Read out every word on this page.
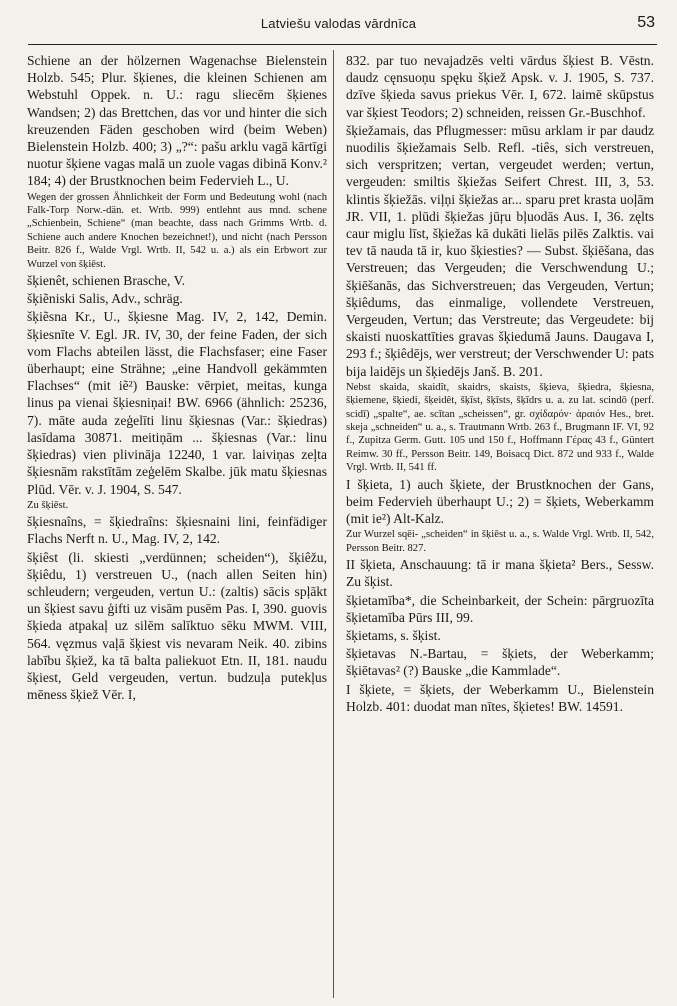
Latviešu valodas vārdnīca	53

Schiene an der hölzernen Wagenachse Bielenstein Holzb. 545; Plur. šķienes, die kleinen Schienen am Webstuhl Oppek. n. U.: ragu sliecēm šķienes Wandsen; 2) das Brettchen, das vor und hinter die sich kreuzenden Fäden geschoben wird (beim Weben) Bielenstein Holzb. 400; 3) „?“: pašu arklu vagā kārtīgi nuotur šķiene vagas malā un zuole vagas dibinā Konv.² 184; 4) der Brustknochen beim Federvieh L., U.

Wegen der grossen Ähnlichkeit der Form und Bedeutung wohl (nach Falk-Torp Norw.-dän. et. Wrtb. 999) entlehnt aus mnd. schene „Schienbein, Schiene“ (man beachte, dass nach Grimms Wrtb. d. Schiene auch andere Knochen bezeichnet!), und nicht (nach Persson Beitr. 826 f., Walde Vrgl. Wrtb. II, 542 u. a.) als ein Erbwort zur Wurzel von šķiēst.

šķienêt, schienen Brasche, V.

šķiẽniski Salis, Adv., schräg.

šķiẽsna Kr., U., šķiesne Mag. IV, 2, 142, Demin. šķiesnīte V. Egl. JR. IV, 30, der feine Faden, der sich vom Flachs abteilen lässt, die Flachsfaser; eine Faser überhaupt; eine Strähne; „eine Handvoll gekämmten Flachses“ (mit iẽ²) Bauske: vērpiet, meitas, kunga linus pa vienai šķiesniņai! BW. 6966 (ähnlich: 25236, 7). māte auda zeģelīti linu šķiesnas (Var.: šķiedras) lasīdama 30871. meitiņām ... šķiesnas (Var.: linu šķiedras) vien plivināja 12240, 1 var. laiviņas zeļta šķiesnām rakstītām zeģelēm Skalbe. jūk matu šķiesnas Plūd. Vēr. v. J. 1904, S. 547.

Zu šķiēst.

šķiesnaîns, = šķiedraîns: šķiesnaini lini, feinfädiger Flachs Nerft n. U., Mag. IV, 2, 142.

šķiêst (li. skiesti „verdünnen; scheiden“), šķiêžu, šķiêdu, 1) verstreuen U., (nach allen Seiten hin) schleudern; vergeuden, vertun U.: (zaltis) sācis spļākt un šķiest savu ģifti uz visām pusēm Pas. I, 390. guovis šķieda atpakaļ uz silēm salīktuo sēku MWM. VIII, 564. vęzmus vaļā šķiest vis nevaram Neik. 40. zibins labību šķiež, ka tā balta paliekuot Etn. II, 181. naudu šķiest, Geld vergeuden, vertun. budzuļa putekļus mēness šķiež Vēr. I,

832. par tuo nevajadzēs velti vārdus šķiest B. Vēstn. daudz cęnsuoņu spęku šķiež Apsk. v. J. 1905, S. 737. dzīve šķieda savus priekus Vēr. I, 672. laimē skūpstus var šķiest Teodors; 2) schneiden, reissen Gr.-Buschhof.

šķiežamais, das Pflugmesser: mūsu arklam ir par daudz nuodilis šķiežamais Selb. Refl. -tiês, sich verstreuen, sich verspritzen; vertan, vergeudet werden; vertun, vergeuden: smiltis šķiežas Seifert Chrest. III, 3, 53. klintis šķiežās. viļņi šķiežas ar... sparu pret krasta uoļām JR. VII, 1. plūdi šķiežas jūŗu bļuodās Aus. I, 36. zęlts caur miglu līst, šķiežas kā dukāti lielās pilēs Zalktis. vai tev tā nauda tā ir, kuo šķiesties? — Subst. šķiēšana, das Verstreuen; das Vergeuden; die Verschwendung U.; šķiēšanās, das Sichverstreuen; das Vergeuden, Vertun; šķiêdums, das einmalige, vollendete Verstreuen, Vergeuden, Vertun; das Verstreute; das Vergeudete: bij skaisti nuoskattīties gravas šķiedumā Jauns. Daugava I, 293 f.; šķiêdējs, wer verstreut; der Verschwender U: pats bija laidējs un šķiedējs Janš. B. 201.

Nebst skaida, skaidît, skaidrs, skaists, šķieva, šķiedra, šķiesna, šķiemene, šķiedi, šķeidêt, šķīst, šķīsts, šķīdrs u. a. zu lat. scindō (perf. scidī) „spalte“, ae. scītan „scheissen“, gr. σχίδαρόν· ἀραιόν Hes., bret. skeja „schneiden“ u. a., s. Trautmann Wrtb. 263 f., Brugmann IF. VI, 92 f., Zupitza Germ. Gutt. 105 und 150 f., Hoffmann Γέρας 43 f., Güntert Reimw. 30 ff., Persson Beitr. 149, Boisacq Dict. 872 und 933 f., Walde Vrgl. Wrtb. II, 541 ff.

I šķieta, 1) auch šķiete, der Brustknochen der Gans, beim Federvieh überhaupt U.; 2) = šķiets, Weberkamm (mit ie²) Alt-Kalz.

Zur Wurzel sqēi- „scheiden“ in šķiēst u. a., s. Walde Vrgl. Wrtb. II, 542, Persson Beitr. 827.

II šķieta, Anschauung: tā ir mana šķieta² Bers., Sessw. Zu šķist.

šķietamība*, die Scheinbarkeit, der Schein: pārgruozīta šķietamība Pūrs III, 99.

šķietams, s. šķist.

šķietavas N.-Bartau, = šķiets, der Weberkamm; šķiētavas² (?) Bauske „die Kammlade“.

I šķiete, = šķiets, der Weberkamm U., Bielenstein Holzb. 401: duodat man nītes, šķietes! BW. 14591.
